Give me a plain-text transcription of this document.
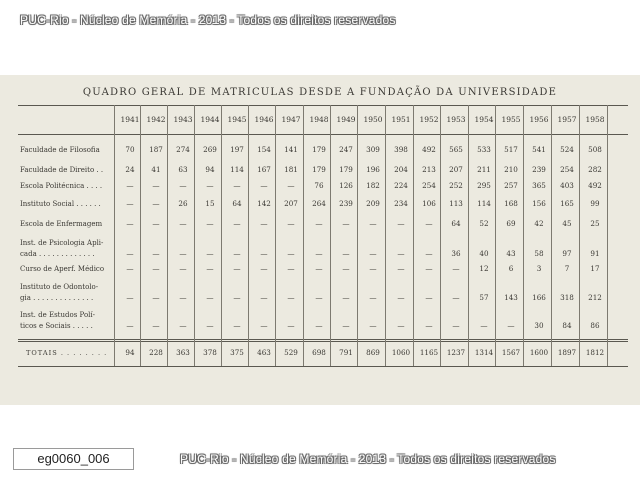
PUC-Rio - Núcleo de Memória - 2013 - Todos os direitos reservados
QUADRO GERAL DE MATRICULAS DESDE A FUNDAÇÃO DA UNIVERSIDADE
1941 1942	1943	1944	1945	1946	1947	1948	1949	1950	1951	1952	1953	1954	1955	1956	1957	1958
Faculdade de Filosofia	70	187	274	269	197	154	141	179	247	309	398	492	565	533	517	541	524	508
Faculdade de Direito . .	24	41	63	94	114	167	181	179	179	196	204	213	207	211	210	239	254	282
Escola Politécnica . . . .	—	—	—	—	—	—	—	76	126	182	224	254	252	295	257	365	403	492
Instituto Social . . . . . .	—	—	26	15	64	142	207	264	239	209	234	106	113	114	168	156	165	99
Escola de Enfermagem	—	—	—	—	—	—	—	—	—	—	—	—	64	52	69	42	45	25
Inst. de Psicologia Apli-
cada . . . . . . . . . . . . .	—	—	—	—	—	—	—	—	—	—	—	—	36	40	43	58	97	91
Curso de Aperf. Médico	—	—	—	—	—	—	—	—	—	—	—	—	—	12	6	3	7	17
Instituto de Odontolo-
gia . . . . . . . . . . . . . .	—	—	—	—	—	—	—	—	—	—	—	—	—	57	143	166	318	212
Inst. de Estudos Polí-
ticos e Sociais . . . . .	—	—	—	—	—	—	—	—	—	—	—	—	—	—	—	30	84	86
TOTAIS . . . . . . . .	94	228	363	378	375	463	529	698	791	869	1060	1165	1237	1314	1567	1600	1897	1812
eg0060_006	PUC-Rio - Núcleo de Memória - 2013 - Todos os direitos reservados
